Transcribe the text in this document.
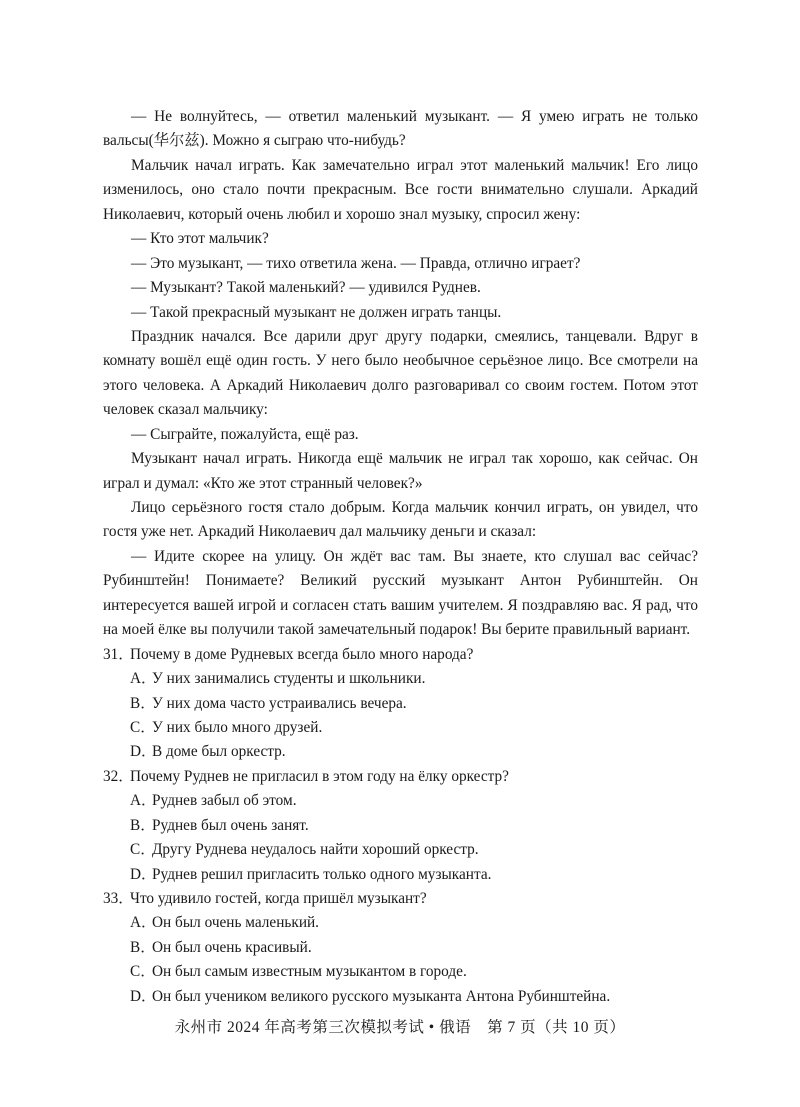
— Не волнуйтесь, — ответил маленький музыкант. — Я умею играть не только
вальсы(华尔兹). Можно я сыграю что-нибудь?
Мальчик начал играть. Как замечательно играл этот маленький мальчик! Его лицо
изменилось, оно стало почти прекрасным. Все гости внимательно слушали. Аркадий
Николаевич, который очень любил и хорошо знал музыку, спросил жену:
— Кто этот мальчик?
— Это музыкант, — тихо ответила жена. — Правда, отлично играет?
— Музыкант? Такой маленький? — удивился Руднев.
— Такой прекрасный музыкант не должен играть танцы.
Праздник начался. Все дарили друг другу подарки, смеялись, танцевали. Вдруг в
комнату вошёл ещё один гость. У него было необычное серьёзное лицо. Все смотрели на
этого человека. А Аркадий Николаевич долго разговаривал со своим гостем. Потом этот
человек сказал мальчику:
— Сыграйте, пожалуйста, ещё раз.
Музыкант начал играть. Никогда ещё мальчик не играл так хорошо, как сейчас. Он
играл и думал: «Кто же этот странный человек?»
Лицо серьёзного гостя стало добрым. Когда мальчик кончил играть, он увидел, что
гостя уже нет. Аркадий Николаевич дал мальчику деньги и сказал:
— Идите скорее на улицу. Он ждёт вас там. Вы знаете, кто слушал вас сейчас?
Рубинштейн! Понимаете? Великий русский музыкант Антон Рубинштейн. Он
интересуется вашей игрой и согласен стать вашим учителем. Я поздравляю вас. Я рад, что
на моей ёлке вы получили такой замечательный подарок! Вы берите правильный вариант.
31．
Почему в доме Рудневых всегда было много народа?
A．
У них занимались студенты и школьники.
B．
У них дома часто устраивались вечера.
C．
У них было много друзей.
D．
В доме был оркестр.
32．
Почему Руднев не пригласил в этом году на ёлку оркестр?
A．
Руднев забыл об этом.
B．
Руднев был очень занят.
C．
Другу Руднева неудалось найти хороший оркестр.
D．
Руднев решил пригласить только одного музыканта.
33．
Что удивило гостей, когда пришёл музыкант?
A．
Он был очень маленький.
B．
Он был очень красивый.
C．
Он был самым известным музыкантом в городе.
D．
Он был учеником великого русского музыканта Антона Рубинштейна.
永州市 2024 年高考第三次模拟考试 • 俄语　第 7 页（共 10 页）
